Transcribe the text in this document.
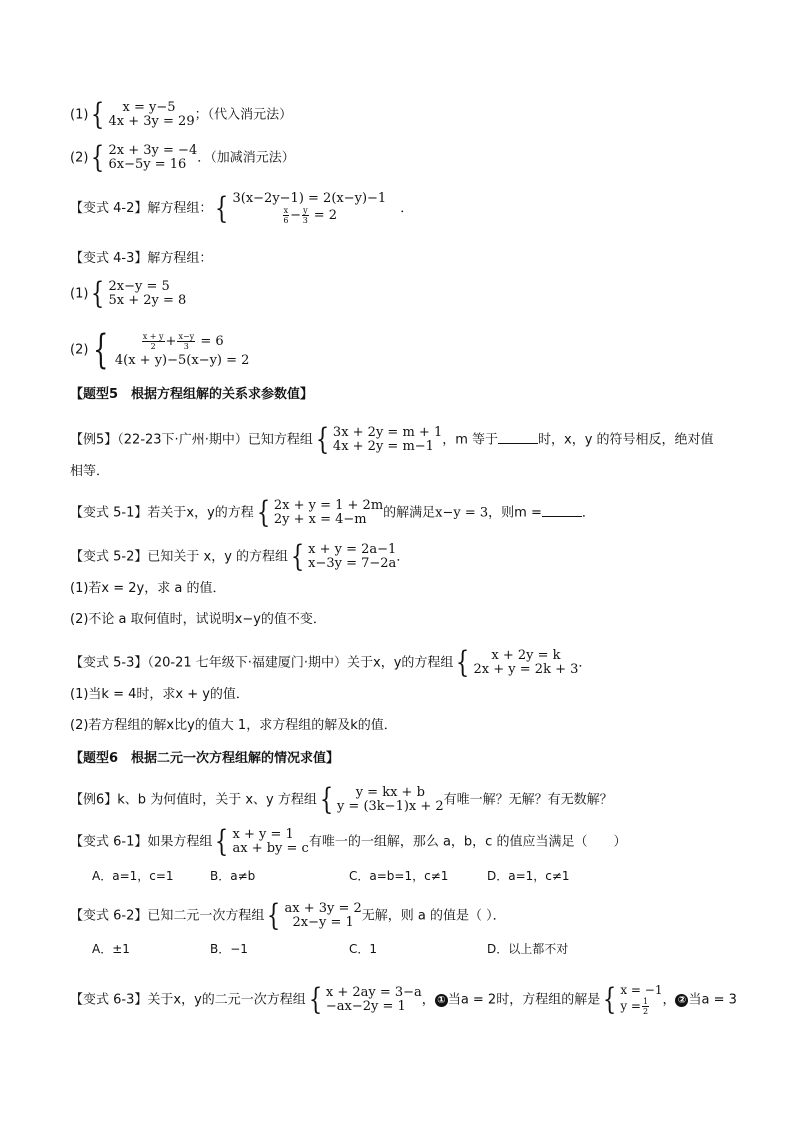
(1) {	x = y−5
4x + 3y = 29 ；（代入消元法）
(2) { 2x + 3y = −4
6x−5y = 16 ．（加减消元法）
【变式 4-2】解方程组： { 3(x−2y−1) = 2(x−y)−1
$\frac{x}{6} - \frac{y}{3} = 2$	．
【变式 4-3】解方程组：
(1) { 2x−y = 5
5x + 2y = 8
(2) {	$\frac{x + y}{2} + \frac{x-y}{3} = 6$
4(x + y)−5(x−y) = 2
【题型5　根据方程组解的关系求参数值】
【例5】（22-23下·广州·期中）已知方程组 { 3x + 2y = m + 1
4x + 2y = m−1 ，m 等于	时，x，y 的符号相反，绝对值
相等．
【变式 5-1】若关于x，y的方程 { 2x + y = 1 + 2m
2y + x = 4−m	的解满足x−y = 3，则m =	．
【变式 5-2】已知关于 x，y 的方程组 { x + y = 2a−1
x−3y = 7−2a ．
(1)若x = 2y，求 a 的值．
(2)不论 a 取何值时，试说明x−y的值不变．
【变式 5-3】（20-21 七年级下·福建厦门·期中）关于x，y的方程组 { x + 2y = k
2x + y = 2k + 3 ．
(1)当k = 4时，求x + y的值．
(2)若方程组的解x比y的值大 1，求方程组的解及k的值．
【题型6　根据二元一次方程组解的情况求值】
【例6】k、b 为何值时，关于 x、y 方程组 { y = kx + b
y = (3k−1)x + 2 有唯一解？无解？有无数解？
【变式 6-1】如果方程组 { x + y = 1
ax + by = c 有唯一的一组解，那么 a，b，c 的值应当满足（　　）
A．a=1，c=1	B．a≠b	C．a=b=1，c≠1	D．a=1，c≠1
【变式 6-2】已知二元一次方程组 { ax + 3y = 2
2x−y = 1 无解，则 a 的值是（ ）．
A．±1	B．−1	C．1	D．以上都不对
【变式 6-3】关于x，y的二元一次方程组 { x + 2ay = 3−a
−ax−2y = 1	， ① 当a = 2时，方程组的解是 { x = −1
$y = \frac{1}{2}$ ， ② 当a = 3
